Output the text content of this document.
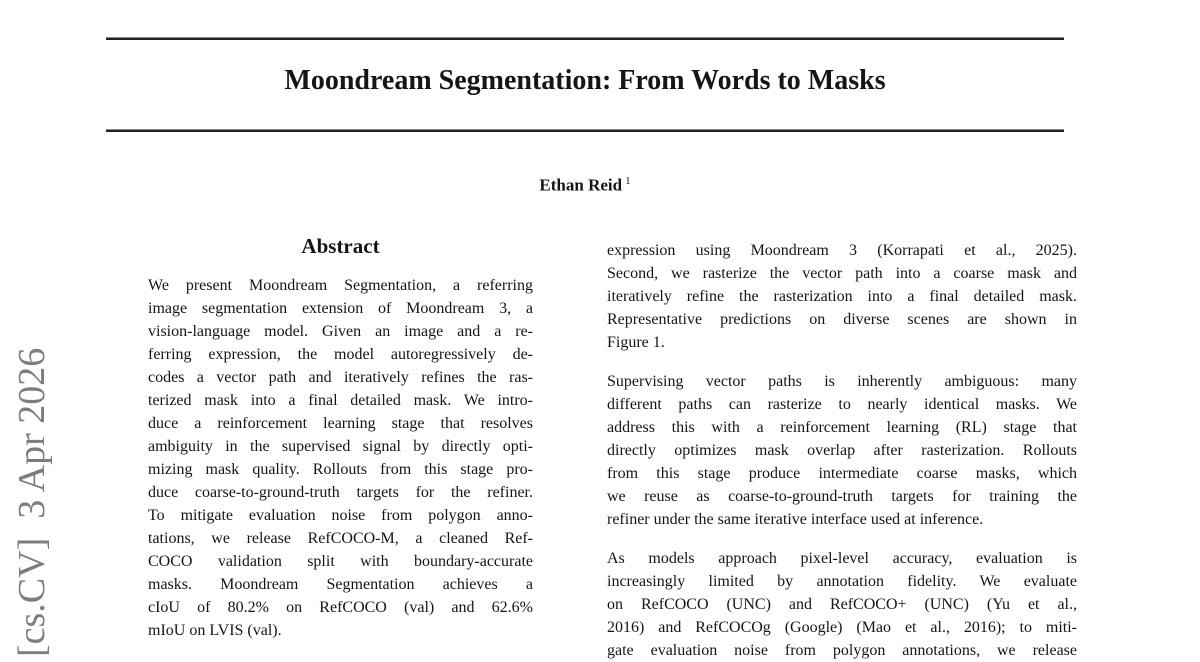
Moondream Segmentation: From Words to Masks
Ethan Reid $^1$
[cs.CV]  3 Apr 2026
Abstract
We present Moondream Segmentation, a referring
image segmentation extension of Moondream 3, a
vision-language model. Given an image and a re-
ferring expression, the model autoregressively de-
codes a vector path and iteratively refines the ras-
terized mask into a final detailed mask. We intro-
duce a reinforcement learning stage that resolves
ambiguity in the supervised signal by directly opti-
mizing mask quality. Rollouts from this stage pro-
duce coarse-to-ground-truth targets for the refiner.
To mitigate evaluation noise from polygon anno-
tations, we release RefCOCO-M, a cleaned Ref-
COCO validation split with boundary-accurate
masks. Moondream Segmentation achieves a
cIoU of 80.2% on RefCOCO (val) and 62.6%
mIoU on LVIS (val).
expression using Moondream 3 (Korrapati et al., 2025).
Second, we rasterize the vector path into a coarse mask and
iteratively refine the rasterization into a final detailed mask.
Representative predictions on diverse scenes are shown in
Figure 1.
Supervising vector paths is inherently ambiguous: many
different paths can rasterize to nearly identical masks. We
address this with a reinforcement learning (RL) stage that
directly optimizes mask overlap after rasterization. Rollouts
from this stage produce intermediate coarse masks, which
we reuse as coarse-to-ground-truth targets for training the
refiner under the same iterative interface used at inference.
As models approach pixel-level accuracy, evaluation is
increasingly limited by annotation fidelity. We evaluate
on RefCOCO (UNC) and RefCOCO+ (UNC) (Yu et al.,
2016) and RefCOCOg (Google) (Mao et al., 2016); to miti-
gate evaluation noise from polygon annotations, we release
